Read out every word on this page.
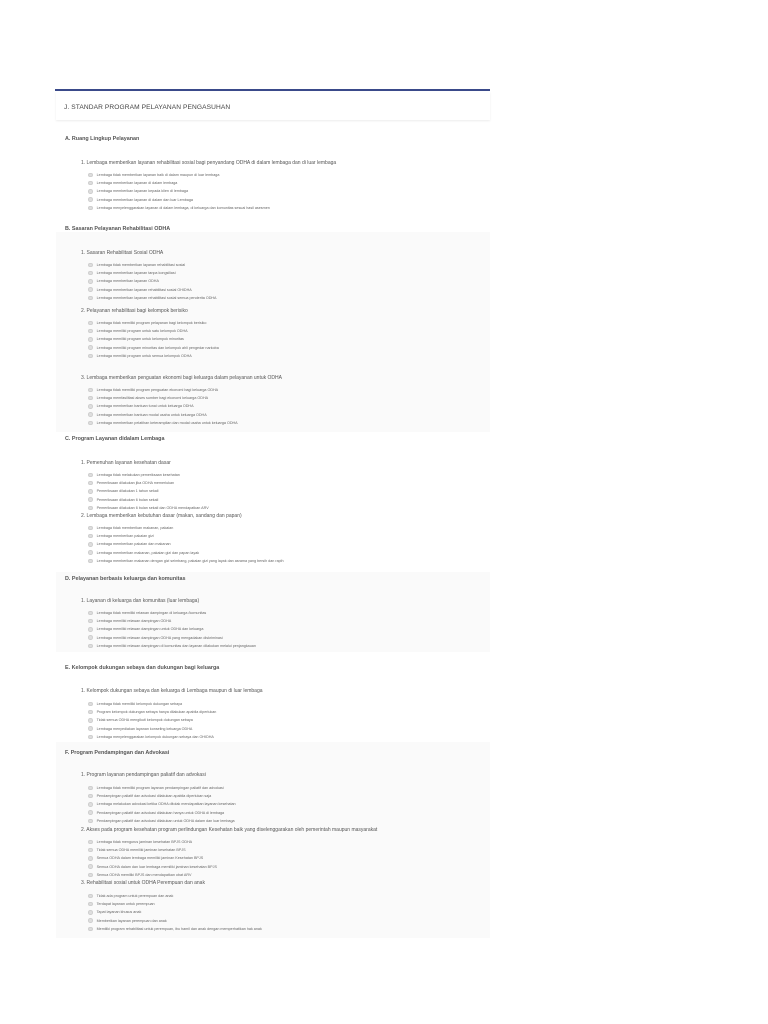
J. STANDAR PROGRAM PELAYANAN PENGASUHAN
A. Ruang Lingkup Pelayanan
1. Lembaga memberikan layanan rehabilitasi sosial bagi penyandang ODHA di dalam lembaga dan di luar lembaga
Lembaga tidak memberikan layanan baik di dalam maupun di luar lembaga
Lembaga memberikan layanan di dalam lembaga
Lembaga memberikan layanan kepada klien di lembaga
Lembaga memberikan layanan di dalam dan luar Lembaga
Lembaga menyelenggarakan layanan di dalam lembaga, di keluarga dan komunitas sesuai hasil asesmen
B. Sasaran Pelayanan Rehabilitasi ODHA
1. Sasaran Rehabilitasi Sosial ODHA
Lembaga tidak memberikan layanan rehabilitasi sosial
Lembaga memberikan layanan tanpa kongsiliasi
Lembaga memberikan layanan ODHA
Lembaga memberikan layanan rehabilitasi sosial OHIDHA
Lembaga memberikan layanan rehabilitasi sosial semua penderita ODHA
2. Pelayanan rehabilitasi bagi kelompok berisiko
Lembaga tidak memiliki program pelayanan bagi kelompok berisiko
Lembaga memiliki program untuk satu kelompok ODHA
Lembaga memiliki program untuk kelompok minoritas
Lembaga memiliki program minoritas dan kelompok ahli pengedar narkoba
Lembaga memiliki program untuk semua kelompok ODHA
3. Lembaga memberikan penguatan ekonomi bagi keluarga dalam pelayanan untuk ODHA
Lembaga tidak memiliki program penguatan ekonomi bagi keluarga ODHA
Lembaga memfasilitasi akses sumber bagi ekonomi keluarga ODHA
Lembaga memberikan bantuan tunai untuk keluarga ODHA
Lembaga memberikan bantuan modal usaha untuk keluarga ODHA
Lembaga memberikan pelatihan keterampilan dan modal usaha untuk keluarga ODHA
C. Program Layanan didalam Lembaga
1. Pemenuhan layanan kesehatan dasar
Lembaga tidak melakukan pemeriksaan kesehatan
Pemeriksaan dilakukan jika ODHA memerlukan
Pemeriksaan dilakukan 1 tahun sekali
Pemeriksaan dilakukan 6 bulan sekali
Pemeriksaan dilakukan 6 bulan sekali dan ODHA mendapatkan ARV
2. Lembaga memberikan kebutuhan dasar (makan, sandang dan papan)
Lembaga tidak memberikan makanan, pakaian
Lembaga memberikan pakaian gizi
Lembaga memberikan pakaian dan makanan
Lembaga memberikan makanan, pakaian gizi dan papan layak
Lembaga memberikan makanan dengan gizi seimbang, pakaian gizi yang layak dan asrama yang bersih dan rapih
D. Pelayanan berbasis keluarga dan komunitas
1. Layanan di keluarga dan komunitas (luar lembaga)
Lembaga tidak memiliki relawan dampingan di keluarga /komunitas
Lembaga memiliki relawan dampingan ODHA
Lembaga memiliki relawan dampingan untuk ODHA dan keluarga
Lembaga memiliki relawan dampingan ODHA yang mengadakan diskriminasi
Lembaga memiliki relawan dampingan di komunitas dan layanan dilakukan melalui penjangkauan
E. Kelompok dukungan sebaya dan dukungan bagi keluarga
1. Kelompok dukungan sebaya dan keluarga di Lembaga maupun di luar lembaga
Lembaga tidak memiliki kelompok dukungan sebaya
Program kelompok dukungan sebaya hanya dilakukan apabila diperlukan
Tidak semua ODHA mengikuti kelompok dukungan sebaya
Lembaga menyediakan layanan konseling keluarga ODHA
Lembaga menyelenggarakan kelompok dukungan sebaya dan OHIDHA
F. Program Pendampingan dan Advokasi
1. Program layanan pendampingan paliatif dan advokasi
Lembaga tidak memiliki program layanan pendampingan paliatif dan advokasi
Pendampingan paliatif dan advokasi dilakukan apabila diperlukan saja
Lembaga melakukan advokasi ketika ODHA ditolak mendapatkan layanan kesehatan
Pendampingan paliatif dan advokasi dilakukan hanya untuk ODHA di lembaga
Pendampingan paliatif dan advokasi dilakukan untuk ODHA dalam dan luar lembaga
2. Akses pada program kesehatan program perlindungan Kesehatan baik yang diselenggarakan oleh pemerintah maupun masyarakat
Lembaga tidak mengurus jaminan kesehatan BPJS ODHA
Tidak semua ODHA memiliki jaminan kesehatan BPJS
Semua ODHA dalam lembaga memiliki jaminan Kesehatan BPJS
Semua ODHA dalam dan luar lembaga memiliki jaminan kesehatan BPJS
Semua ODHA memiliki BPJS dan mendapatkan obat ARV
3. Rehabilitasi sosial untuk ODHA Perempuan dan anak
Tidak ada program untuk perempuan dan anak
Terdapat layanan untuk perempuan
Tapat layanan khusus anak
Memberikan layanan perempuan dan anak
Memiliki program rehabilitasi untuk perempuan, ibu hamil dan anak dengan memperhatikan hak anak
